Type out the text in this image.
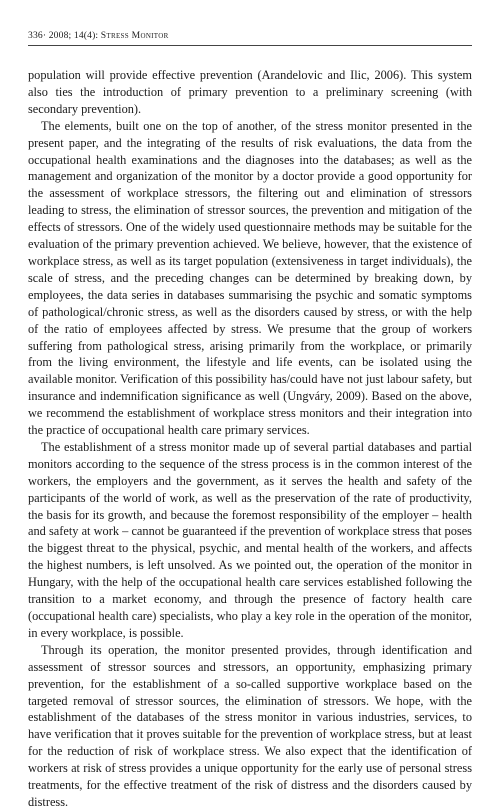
336· 2008; 14(4): Stress Monitor

population will provide effective prevention (Arandelovic and Ilic, 2006). This system also ties the introduction of primary prevention to a preliminary screening (with secondary prevention).

The elements, built one on the top of another, of the stress monitor presented in the present paper, and the integrating of the results of risk evaluations, the data from the occupational health examinations and the diagnoses into the databases; as well as the management and organization of the monitor by a doctor provide a good opportunity for the assessment of workplace stressors, the filtering out and elimination of stressors leading to stress, the elimination of stressor sources, the prevention and mitigation of the effects of stressors. One of the widely used questionnaire methods may be suitable for the evaluation of the primary prevention achieved. We believe, however, that the existence of workplace stress, as well as its target population (extensiveness in target individuals), the scale of stress, and the preceding changes can be determined by breaking down, by employees, the data series in databases summarising the psychic and somatic symptoms of pathological/chronic stress, as well as the disorders caused by stress, or with the help of the ratio of employees affected by stress. We presume that the group of workers suffering from pathological stress, arising primarily from the workplace, or primarily from the living environment, the lifestyle and life events, can be isolated using the available monitor. Verification of this possibility has/could have not just labour safety, but insurance and indemnification significance as well (Ungváry, 2009). Based on the above, we recommend the establishment of workplace stress monitors and their integration into the practice of occupational health care primary services.

The establishment of a stress monitor made up of several partial databases and partial monitors according to the sequence of the stress process is in the common interest of the workers, the employers and the government, as it serves the health and safety of the participants of the world of work, as well as the preservation of the rate of productivity, the basis for its growth, and because the foremost responsibility of the employer – health and safety at work – cannot be guaranteed if the prevention of workplace stress that poses the biggest threat to the physical, psychic, and mental health of the workers, and affects the highest numbers, is left unsolved. As we pointed out, the operation of the monitor in Hungary, with the help of the occupational health care services established following the transition to a market economy, and through the presence of factory health care (occupational health care) specialists, who play a key role in the operation of the monitor, in every workplace, is possible.

Through its operation, the monitor presented provides, through identification and assessment of stressor sources and stressors, an opportunity, emphasizing primary prevention, for the establishment of a so-called supportive workplace based on the targeted removal of stressor sources, the elimination of stressors. We hope, with the establishment of the databases of the stress monitor in various industries, services, to have verification that it proves suitable for the prevention of workplace stress, but at least for the reduction of risk of workplace stress. We also expect that the identification of workers at risk of stress provides a unique opportunity for the early use of personal stress treatments, for the effective treatment of the risk of distress and the disorders caused by distress.
